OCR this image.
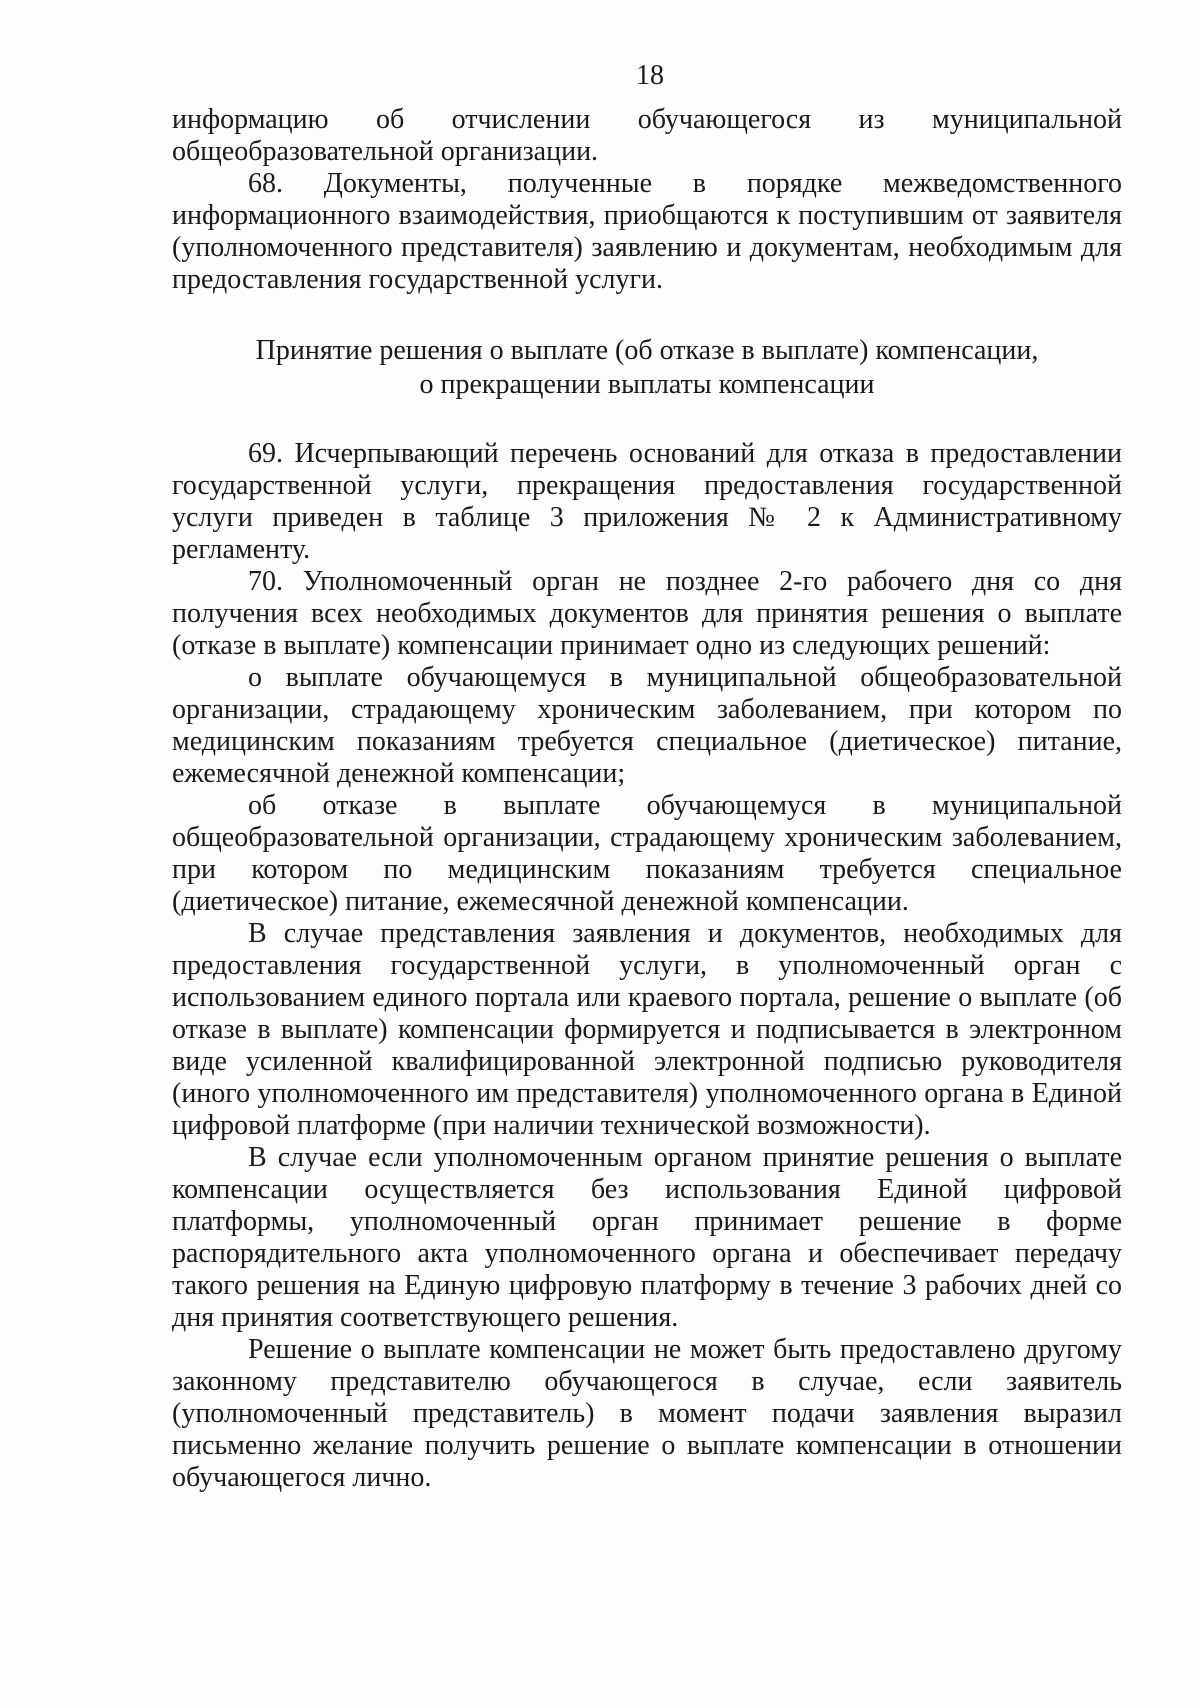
18

информацию об отчислении обучающегося из муниципальной общеобразовательной организации.

68. Документы, полученные в порядке межведомственного информационного взаимодействия, приобщаются к поступившим от заявителя (уполномоченного представителя) заявлению и документам, необходимым для предоставления государственной услуги.

Принятие решения о выплате (об отказе в выплате) компенсации,
о прекращении выплаты компенсации

69. Исчерпывающий перечень оснований для отказа в предоставлении государственной услуги, прекращения предоставления государственной услуги приведен в таблице 3 приложения № 2 к Административному регламенту.

70. Уполномоченный орган не позднее 2-го рабочего дня со дня получения всех необходимых документов для принятия решения о выплате (отказе в выплате) компенсации принимает одно из следующих решений:

о выплате обучающемуся в муниципальной общеобразовательной организации, страдающему хроническим заболеванием, при котором по медицинским показаниям требуется специальное (диетическое) питание, ежемесячной денежной компенсации;

об отказе в выплате обучающемуся в муниципальной общеобразовательной организации, страдающему хроническим заболеванием, при котором по медицинским показаниям требуется специальное (диетическое) питание, ежемесячной денежной компенсации.

В случае представления заявления и документов, необходимых для предоставления государственной услуги, в уполномоченный орган с использованием единого портала или краевого портала, решение о выплате (об отказе в выплате) компенсации формируется и подписывается в электронном виде усиленной квалифицированной электронной подписью руководителя (иного уполномоченного им представителя) уполномоченного органа в Единой цифровой платформе (при наличии технической возможности).

В случае если уполномоченным органом принятие решения о выплате компенсации осуществляется без использования Единой цифровой платформы, уполномоченный орган принимает решение в форме распорядительного акта уполномоченного органа и обеспечивает передачу такого решения на Единую цифровую платформу в течение 3 рабочих дней со дня принятия соответствующего решения.

Решение о выплате компенсации не может быть предоставлено другому законному представителю обучающегося в случае, если заявитель (уполномоченный представитель) в момент подачи заявления выразил письменно желание получить решение о выплате компенсации в отношении обучающегося лично.
